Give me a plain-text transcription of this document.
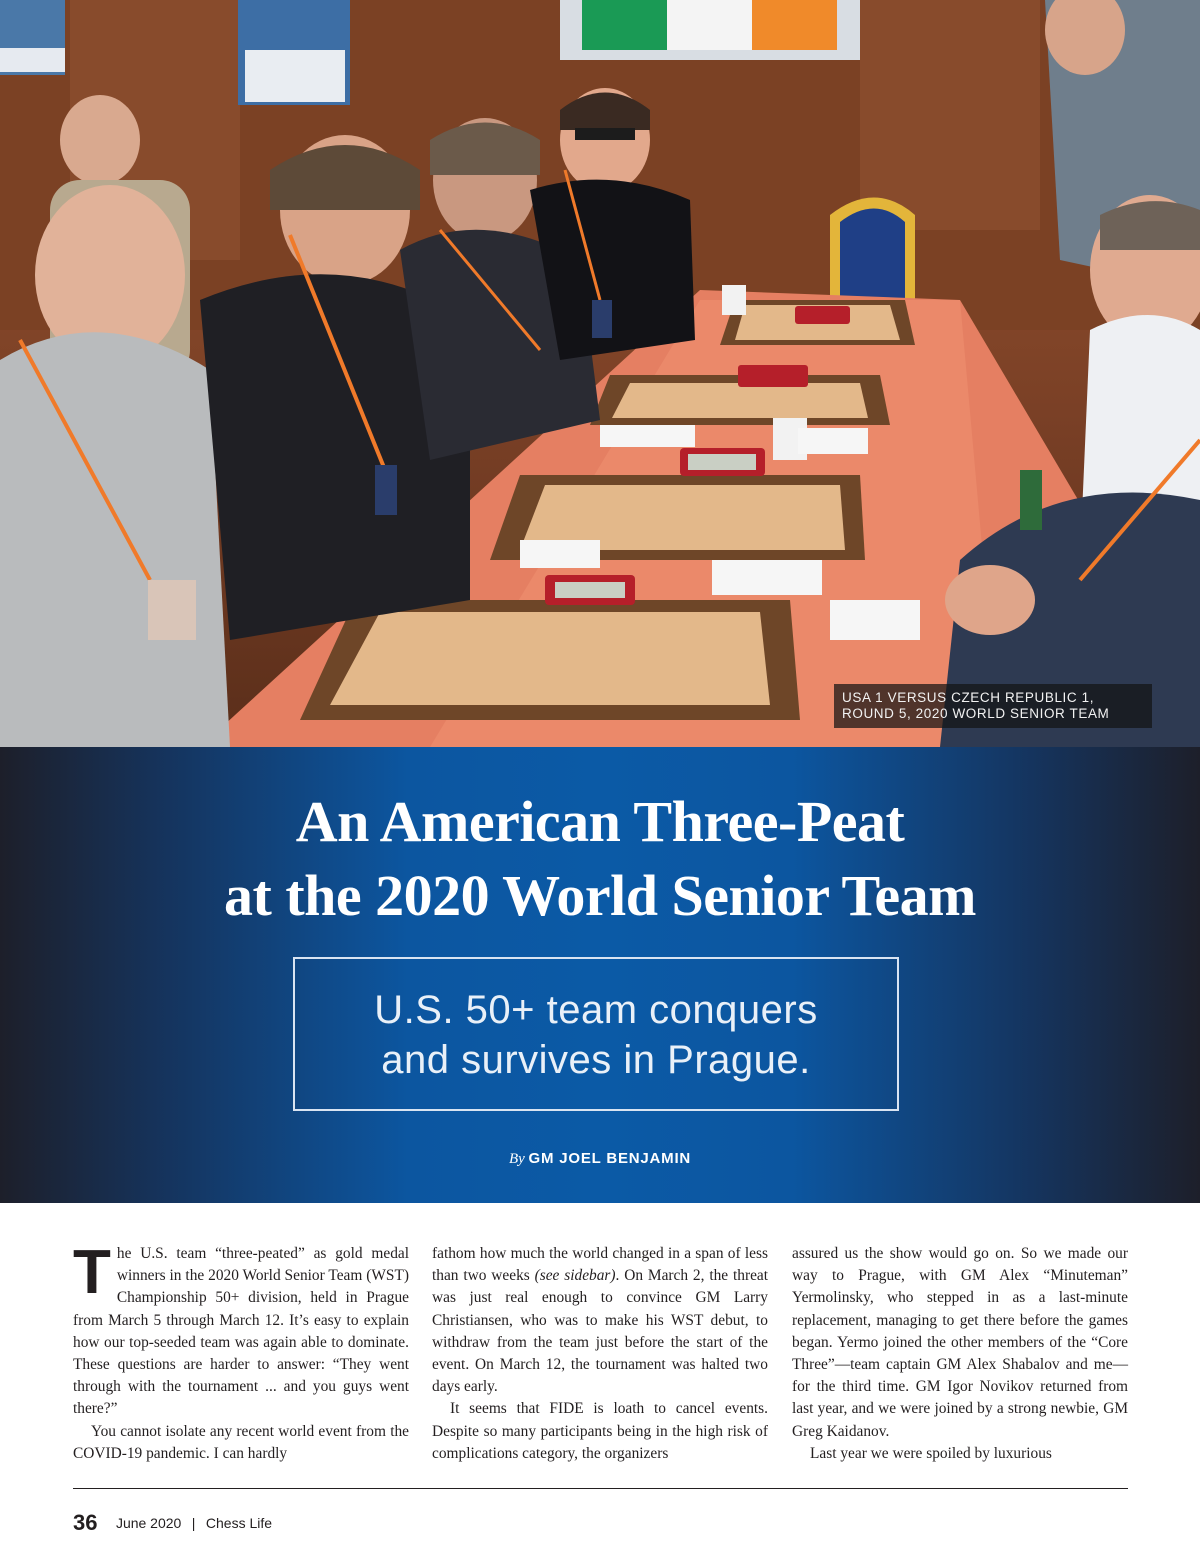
USA 1 VERSUS CZECH REPUBLIC 1,
ROUND 5, 2020 WORLD SENIOR TEAM
An American Three-Peat
at the 2020 World Senior Team
U.S. 50+ team conquers
and survives in Prague.
By GM JOEL BENJAMIN

The U.S. team “three-peated” as gold medal winners in the 2020 World Senior Team (WST) Championship 50+ division, held in Prague from March 5 through March 12. It’s easy to explain how our top-seeded team was again able to dominate. These questions are harder to answer: “They went through with the tournament ... and you guys went there?”

You cannot isolate any recent world event from the COVID-19 pandemic. I can hardly

fathom how much the world changed in a span of less than two weeks (see sidebar). On March 2, the threat was just real enough to convince GM Larry Christiansen, who was to make his WST debut, to withdraw from the team just before the start of the event. On March 12, the tournament was halted two days early.

It seems that FIDE is loath to cancel events. Despite so many participants being in the high risk of complications category, the organizers

assured us the show would go on. So we made our way to Prague, with GM Alex “Minuteman” Yermolinsky, who stepped in as a last-minute replacement, managing to get there before the games began. Yermo joined the other members of the “Core Three”—team captain GM Alex Shabalov and me—for the third time. GM Igor Novikov returned from last year, and we were joined by a strong newbie, GM Greg Kaidanov.

Last year we were spoiled by luxurious

36 June 2020 | Chess Life
